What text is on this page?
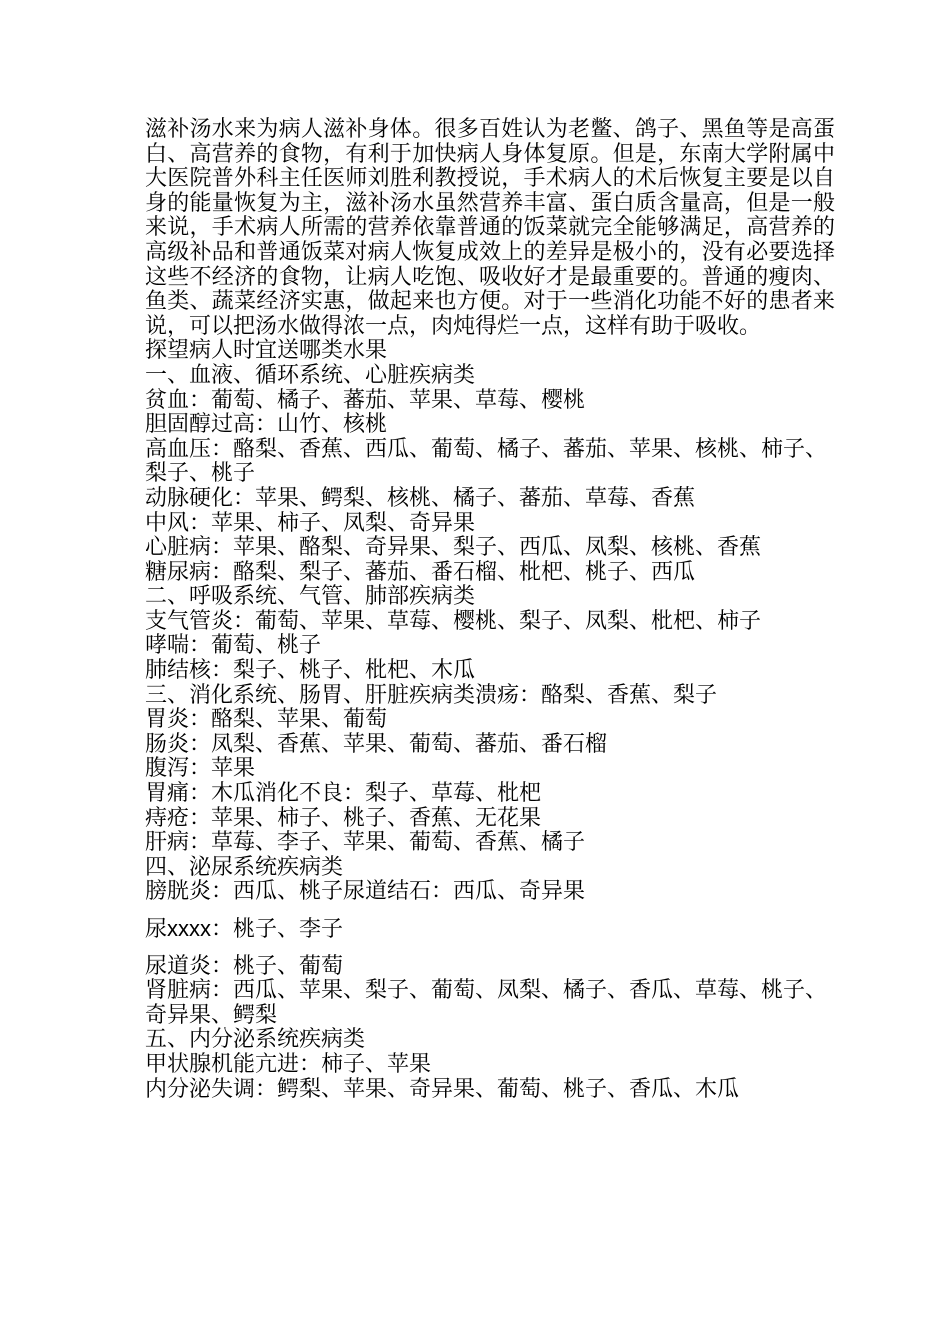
滋补汤水来为病人滋补身体。很多百姓认为老鳖、鸽子、黑鱼等是高蛋白、高营养的食物，有利于加快病人身体复原。但是，东南大学附属中大医院普外科主任医师刘胜利教授说，手术病人的术后恢复主要是以自身的能量恢复为主，滋补汤水虽然营养丰富、蛋白质含量高，但是一般来说，手术病人所需的营养依靠普通的饭菜就完全能够满足，高营养的高级补品和普通饭菜对病人恢复成效上的差异是极小的，没有必要选择这些不经济的食物，让病人吃饱、吸收好才是最重要的。普通的瘦肉、鱼类、蔬菜经济实惠，做起来也方便。对于一些消化功能不好的患者来说，可以把汤水做得浓一点，肉炖得烂一点，这样有助于吸收。

探望病人时宜送哪类水果

一、血液、循环系统、心脏疾病类

贫血：葡萄、橘子、蕃茄、苹果、草莓、樱桃

胆固醇过高：山竹、核桃

高血压：酪梨、香蕉、西瓜、葡萄、橘子、蕃茄、苹果、核桃、柿子、梨子、桃子

动脉硬化：苹果、鳄梨、核桃、橘子、蕃茄、草莓、香蕉

中风：苹果、柿子、凤梨、奇异果

心脏病：苹果、酪梨、奇异果、梨子、西瓜、凤梨、核桃、香蕉

糖尿病：酪梨、梨子、蕃茄、番石榴、枇杷、桃子、西瓜

二、呼吸系统、气管、肺部疾病类

支气管炎：葡萄、苹果、草莓、樱桃、梨子、凤梨、枇杷、柿子

哮喘：葡萄、桃子

肺结核：梨子、桃子、枇杷、木瓜

三、消化系统、肠胃、肝脏疾病类溃疡：酪梨、香蕉、梨子

胃炎：酪梨、苹果、葡萄

肠炎：凤梨、香蕉、苹果、葡萄、蕃茄、番石榴

腹泻：苹果

胃痛：木瓜消化不良：梨子、草莓、枇杷

痔疮：苹果、柿子、桃子、香蕉、无花果

肝病：草莓、李子、苹果、葡萄、香蕉、橘子

四、泌尿系统疾病类

膀胱炎：西瓜、桃子尿道结石：西瓜、奇异果

尿xxxx：桃子、李子

尿道炎：桃子、葡萄

肾脏病：西瓜、苹果、梨子、葡萄、凤梨、橘子、香瓜、草莓、桃子、奇异果、鳄梨

五、内分泌系统疾病类

甲状腺机能亢进：柿子、苹果

内分泌失调：鳄梨、苹果、奇异果、葡萄、桃子、香瓜、木瓜
